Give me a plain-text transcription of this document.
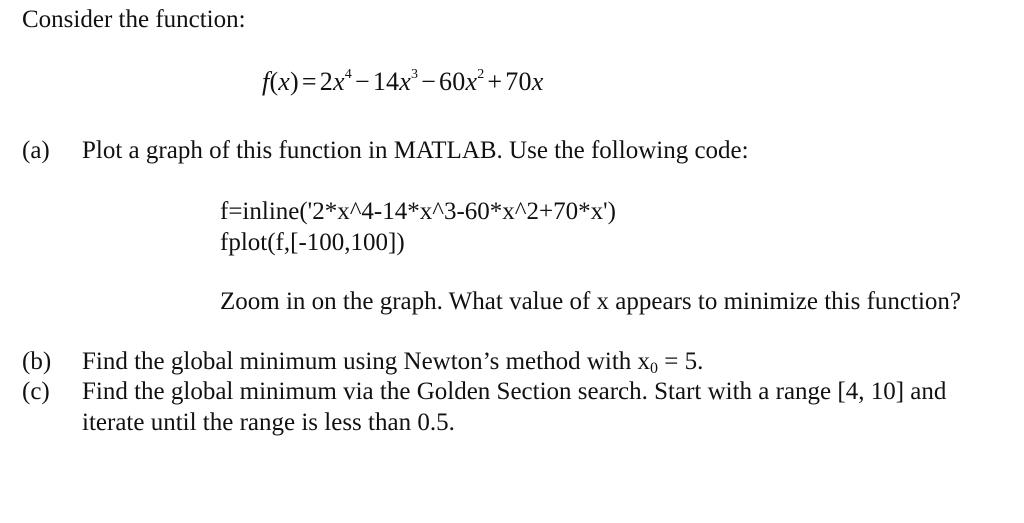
Consider the function:
$f(x) = 2x^4 - 14x^3 - 60x^2 + 70x$
(a) Plot a graph of this function in MATLAB. Use the following code:
f=inline('2*x^4-14*x^3-60*x^2+70*x')
fplot(f,[-100,100])
Zoom in on the graph. What value of x appears to minimize this function?
(b) Find the global minimum using Newton’s method with $x_0 = 5$.
(c) Find the global minimum via the Golden Section search. Start with a range [4, 10] and
iterate until the range is less than 0.5.
